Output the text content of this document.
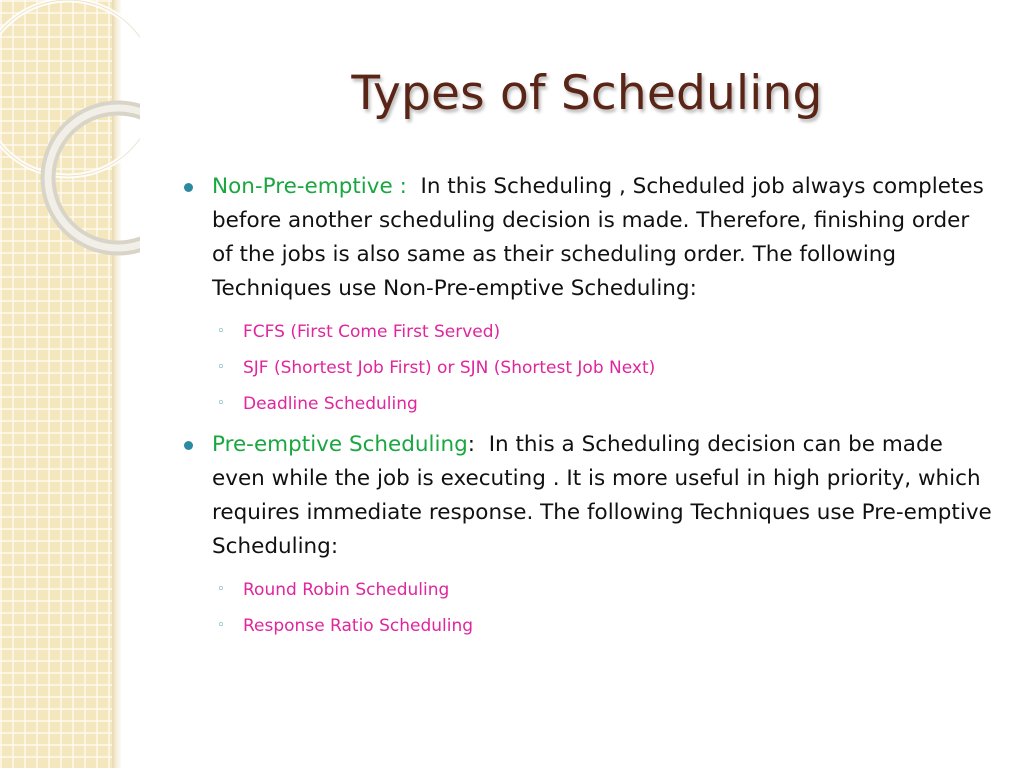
Types of Scheduling
Non-Pre-emptive : In this Scheduling , Scheduled job always completes before another scheduling decision is made. Therefore, finishing order of the jobs is also same as their scheduling order. The following Techniques use Non-Pre-emptive Scheduling:
◦ FCFS (First Come First Served)
◦ SJF (Shortest Job First) or SJN (Shortest Job Next)
◦ Deadline Scheduling
Pre-emptive Scheduling: In this a Scheduling decision can be made even while the job is executing . It is more useful in high priority, which requires immediate response. The following Techniques use Pre-emptive Scheduling:
◦ Round Robin Scheduling
◦ Response Ratio Scheduling
